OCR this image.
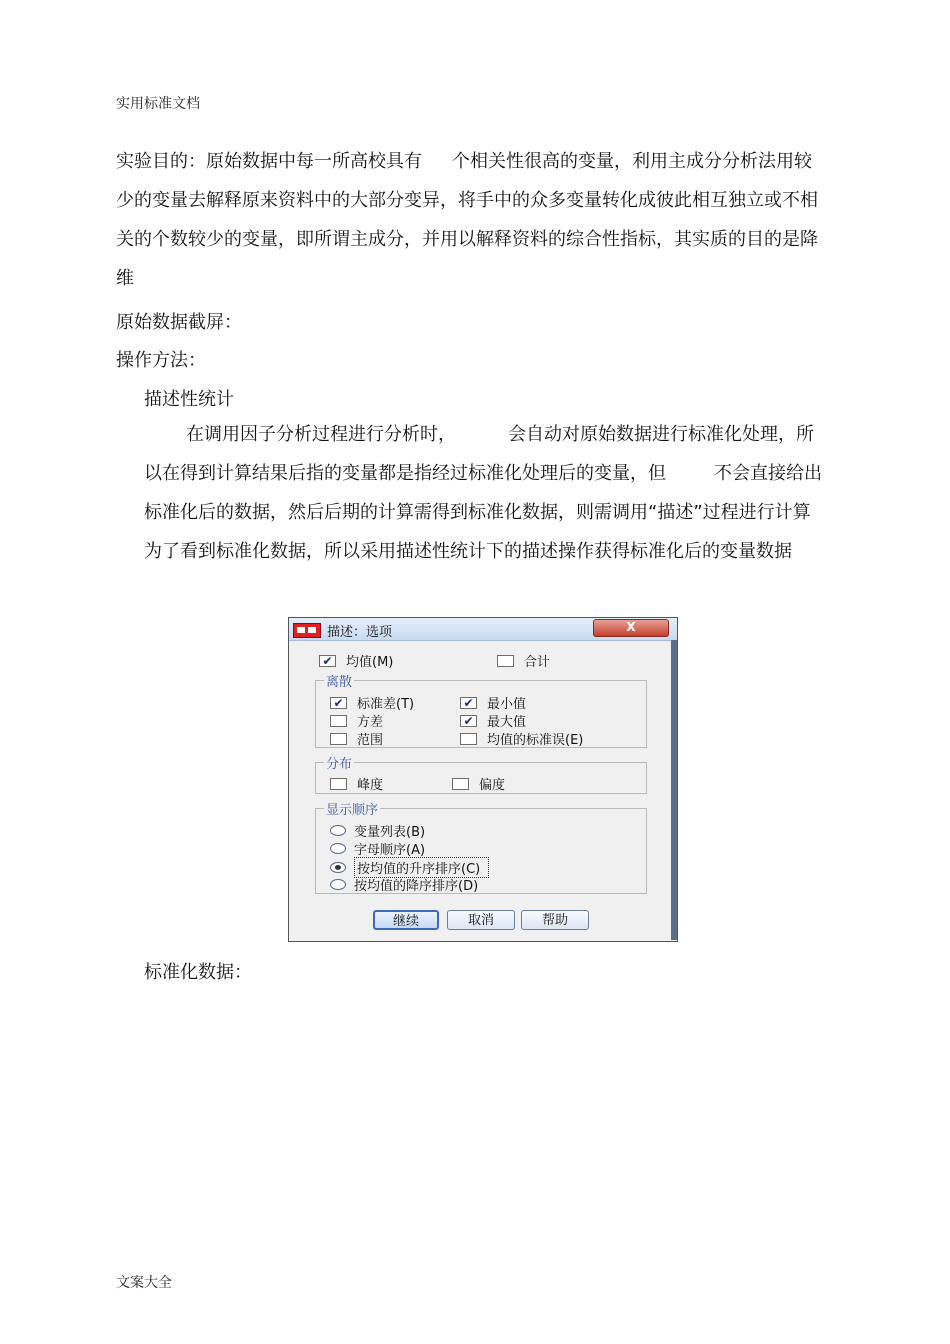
实用标准文档
实验目的：原始数据中每一所高校具有 个相关性很高的变量，利用主成分分析法用较少的变量去解释原来资料中的大部分变异，将手中的众多变量转化成彼此相互独立或不相关的个数较少的变量，即所谓主成分，并用以解释资料的综合性指标，其实质的目的是降维
原始数据截屏：
操作方法：
描述性统计
在调用因子分析过程进行分析时，	会自动对原始数据进行标准化处理，所以在得到计算结果后指的变量都是指经过标准化处理后的变量，但	不会直接给出标准化后的数据，然后后期的计算需得到标准化数据，则需调用“描述”过程进行计算 为了看到标准化数据，所以采用描述性统计下的描述操作获得标准化后的变量数据
描述：选项	X
✔ 均值(M)	合计
离散
✔ 标准差(T)	✔ 最小值
方差	✔ 最大值
范围	均值的标准误(E)
分布
峰度	偏度
显示顺序
变量列表(B)
字母顺序(A)
按均值的升序排序(C)
按均值的降序排序(D)
继续	取消	帮助
标准化数据：
文案大全
